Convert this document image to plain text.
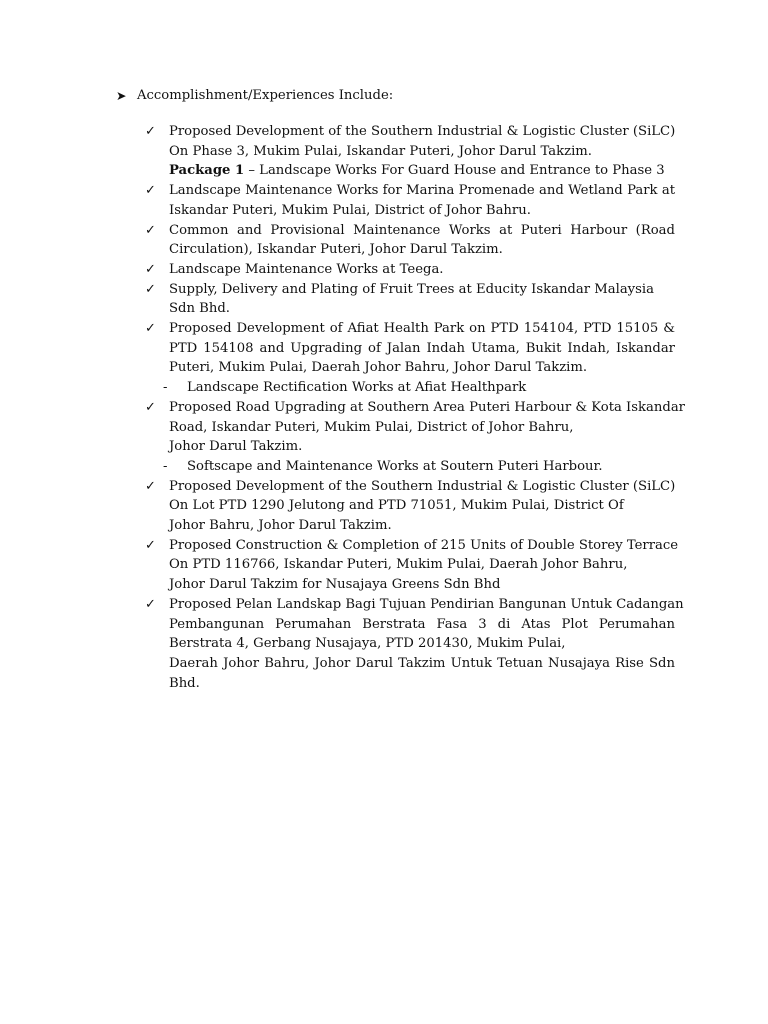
➤ Accomplishment/Experiences Include:
✓ Proposed Development of the Southern Industrial & Logistic Cluster (SiLC)
On Phase 3, Mukim Pulai, Iskandar Puteri, Johor Darul Takzim.
Package 1 – Landscape Works For Guard House and Entrance to Phase 3
✓ Landscape Maintenance Works for Marina Promenade and Wetland Park at
Iskandar Puteri, Mukim Pulai, District of Johor Bahru.
✓ Common and Provisional Maintenance Works at Puteri Harbour (Road
Circulation), Iskandar Puteri, Johor Darul Takzim.
✓ Landscape Maintenance Works at Teega.
✓ Supply, Delivery and Plating of Fruit Trees at Educity Iskandar Malaysia
Sdn Bhd.
✓ Proposed Development of Afiat Health Park on PTD 154104, PTD 15105 &
PTD 154108 and Upgrading of Jalan Indah Utama, Bukit Indah, Iskandar
Puteri, Mukim Pulai, Daerah Johor Bahru, Johor Darul Takzim.
- Landscape Rectification Works at Afiat Healthpark
✓ Proposed Road Upgrading at Southern Area Puteri Harbour & Kota Iskandar
Road, Iskandar Puteri, Mukim Pulai, District of Johor Bahru,
Johor Darul Takzim.
- Softscape and Maintenance Works at Soutern Puteri Harbour.
✓ Proposed Development of the Southern Industrial & Logistic Cluster (SiLC)
On Lot PTD 1290 Jelutong and PTD 71051, Mukim Pulai, District Of
Johor Bahru, Johor Darul Takzim.
✓ Proposed Construction & Completion of 215 Units of Double Storey Terrace
On PTD 116766, Iskandar Puteri, Mukim Pulai, Daerah Johor Bahru,
Johor Darul Takzim for Nusajaya Greens Sdn Bhd
✓ Proposed Pelan Landskap Bagi Tujuan Pendirian Bangunan Untuk Cadangan
Pembangunan Perumahan Berstrata Fasa 3 di Atas Plot Perumahan
Berstrata 4, Gerbang Nusajaya, PTD 201430, Mukim Pulai,
Daerah Johor Bahru, Johor Darul Takzim Untuk Tetuan Nusajaya Rise Sdn
Bhd.
